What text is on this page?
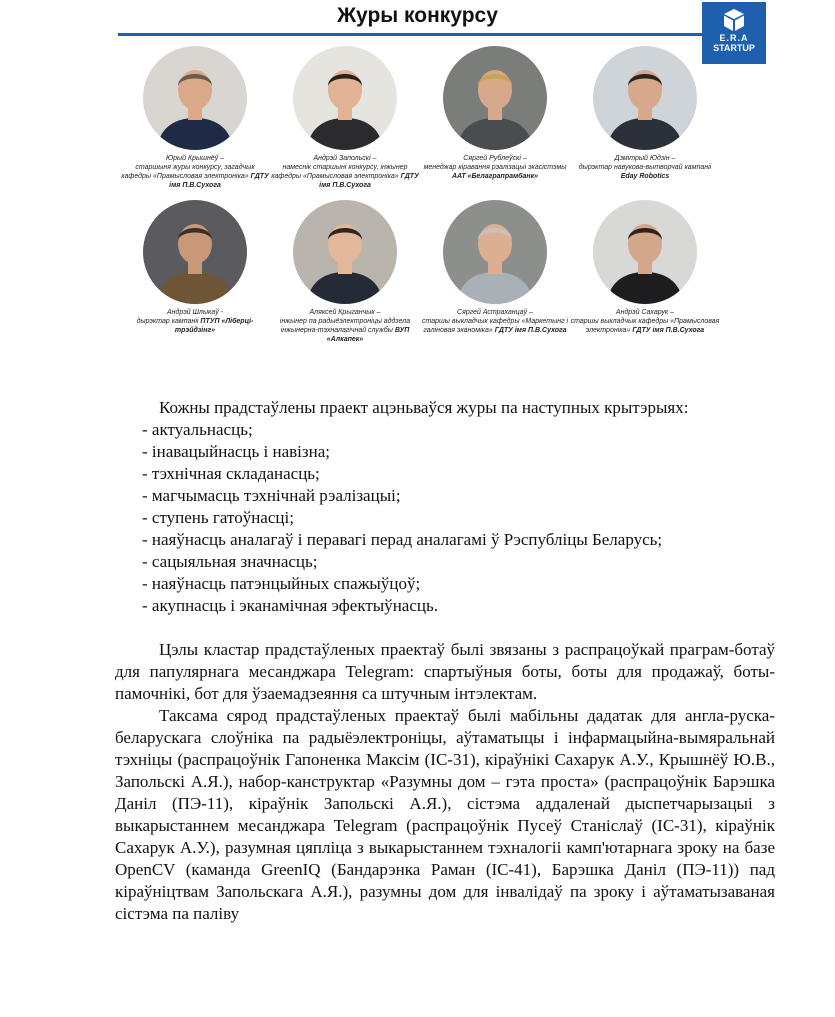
Журы конкурсу
E.R.A
STARTUP
Юрый Крышнёў –
старшыня журы конкурсу, загадчык кафедры «Прамысловая электроніка» ГДТУ імя П.В.Сухога
Андрэй Запольскі –
намеснік старшыні конкурсу, інжынер кафедры «Прамысловая электроніка» ГДТУ імя П.В.Сухога
Сяргей Рублеўскі –
менеджар кіравання рэалізацыі экасістэмы ААТ «Белаграпрамбанк»
Дзмітрый Юдзін –
дырэктар навукова-вытворчай кампаніі Eday Robotics
Андрэй Шлыкаў -
дырэктар кампаніі ПТУП «Ліберці-трэйдзінг»
Аляксей Крыганчык –
інжынер па радыёэлектроніцы аддзела інжынерна-тэхналагічнай службы ВУП «Алкапек»
Сяргей Астраханцаў –
старшы выкладчык кафедры «Маркетынг і галіновая эканоміка» ГДТУ імя П.В.Сухога
Андрэй Сахарук –
старшы выкладчык кафедры «Прамысловая электроніка» ГДТУ імя П.В.Сухога

Кожны прадстаўлены праект ацэньваўся журы па наступных крытэрыях:

- актуальнасць;
- інавацыйнасць і навізна;
- тэхнічная складанасць;
- магчымасць тэхнічнай рэалізацыі;
- ступень гатоўнасці;
- наяўнасць аналагаў і перавагі перад аналагамі ў Рэспубліцы Беларусь;
- сацыяльная значнасць;
- наяўнасць патэнцыйных спажыўцоў;
- акупнасць і эканамічная эфектыўнасць.

Цэлы кластар прадстаўленых праектаў былі звязаны з распрацоўкай праграм-ботаў для папулярнага месанджара Telegram: спартыўныя боты, боты для продажаў, боты-памочнікі, бот для ўзаемадзеяння са штучным інтэлектам.

Таксама сярод прадстаўленых праектаў былі мабільны дадатак для англа-руска-беларускага слоўніка па радыёэлектроніцы, аўтаматыцы і інфармацыйна-вымяральнай тэхніцы (распрацоўнік Гапоненка Максім (ІС-31), кіраўнікі Сахарук А.У., Крышнёў Ю.В., Запольскі А.Я.), набор-канструктар «Разумны дом – гэта проста» (распрацоўнік Барэшка Даніл (ПЭ-11), кіраўнік Запольскі А.Я.), сістэма аддаленай дыспетчарызацыі з выкарыстаннем месанджара Telegram (распрацоўнік Пусеў Станіслаў (ІС-31), кіраўнік Сахарук А.У.), разумная цяпліца з выкарыстаннем тэхналогіі камп'ютарнага зроку на базе OpenCV (каманда GreenIQ (Бандарэнка Раман (ІС-41), Барэшка Даніл (ПЭ-11)) пад кіраўніцтвам Запольскага А.Я.), разумны дом для інвалідаў па зроку і аўтаматызаваная сістэма па паліву
